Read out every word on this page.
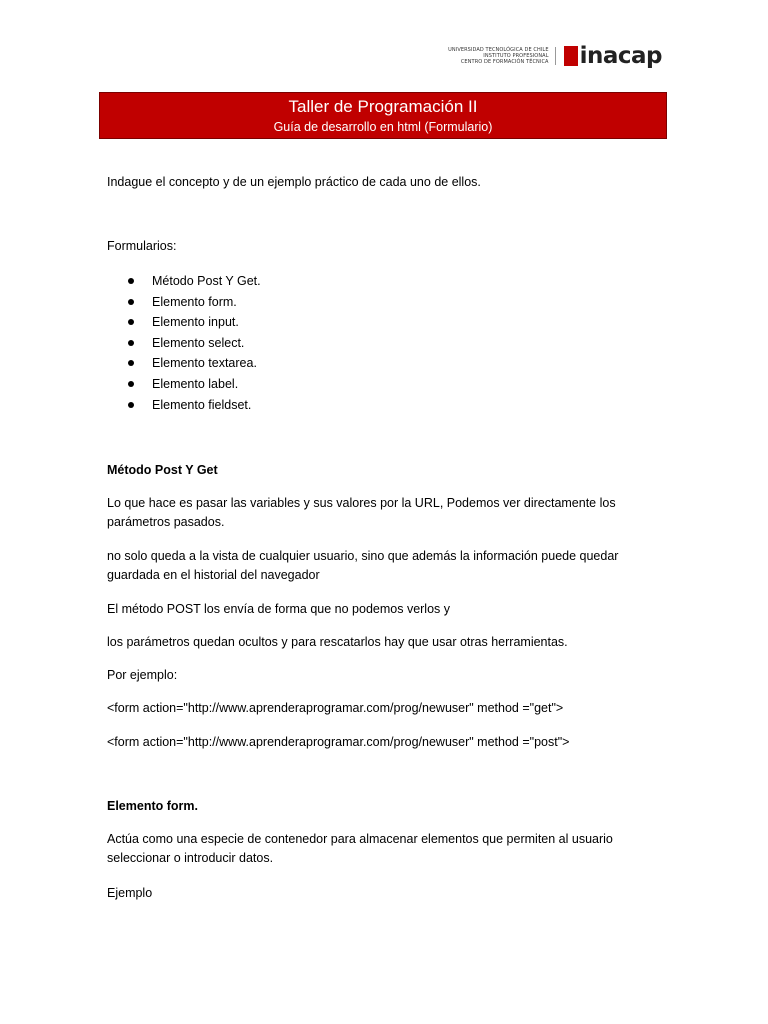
UNIVERSIDAD TECNOLÓGICA DE CHILE
INSTITUTO PROFESIONAL
CENTRO DE FORMACIÓN TÉCNICA inacap
Taller de Programación II
Guía de desarrollo en html (Formulario)

Indague el concepto y de un ejemplo práctico de cada uno de ellos.

Formularios:

Método Post Y Get.
Elemento form.
Elemento input.
Elemento select.
Elemento textarea.
Elemento label.
Elemento fieldset.

Método Post Y Get

Lo que hace es pasar las variables y sus valores por la URL, Podemos ver directamente los parámetros pasados.

no solo queda a la vista de cualquier usuario, sino que además la información puede quedar guardada en el historial del navegador

El método POST los envía de forma que no podemos verlos y

los parámetros quedan ocultos y para rescatarlos hay que usar otras herramientas.

Por ejemplo:

<form action="http://www.aprenderaprogramar.com/prog/newuser" method ="get">

<form action="http://www.aprenderaprogramar.com/prog/newuser" method ="post">

Elemento form.

Actúa como una especie de contenedor para almacenar elementos que permiten al usuario seleccionar o introducir datos.

Ejemplo
